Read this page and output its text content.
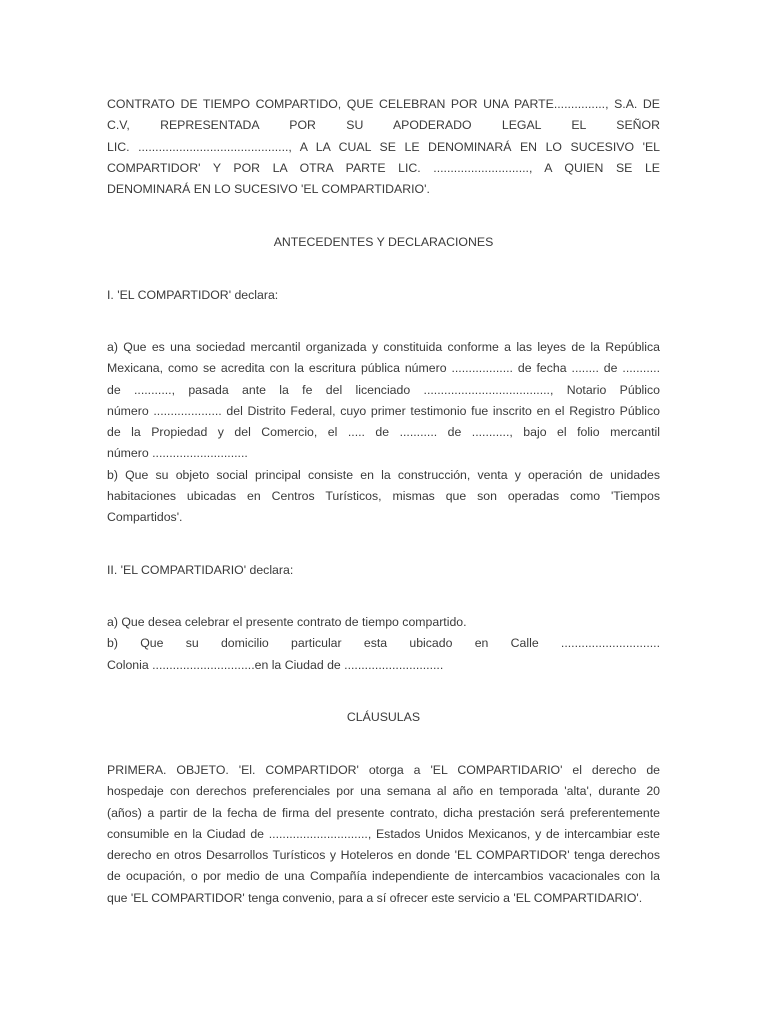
CONTRATO DE TIEMPO COMPARTIDO, QUE CELEBRAN POR UNA PARTE..............., S.A. DE
C.V, REPRESENTADA POR SU APODERADO LEGAL EL SEÑOR
LIC. ............................................, A LA CUAL SE LE DENOMINARÁ EN LO SUCESIVO 'EL
COMPARTIDOR' Y POR LA OTRA PARTE LIC. ............................, A QUIEN SE LE
DENOMINARÁ EN LO SUCESIVO 'EL COMPARTIDARIO'.
ANTECEDENTES Y DECLARACIONES
I. 'EL COMPARTIDOR' declara:
a) Que es una sociedad mercantil organizada y constituida conforme a las leyes de la República
Mexicana, como se acredita con la escritura pública número .................. de fecha ........ de ...........
de ..........., pasada ante la fe del licenciado ....................................., Notario Público
número .................... del Distrito Federal, cuyo primer testimonio fue inscrito en el Registro Público
de la Propiedad y del Comercio, el ..... de ........... de ..........., bajo el folio mercantil
número ............................
b) Que su objeto social principal consiste en la construcción, venta y operación de unidades
habitaciones ubicadas en Centros Turísticos, mismas que son operadas como 'Tiempos
Compartidos'.
II. 'EL COMPARTIDARIO' declara:
a) Que desea celebrar el presente contrato de tiempo compartido.
b) Que su domicilio particular esta ubicado en Calle .............................
Colonia ..............................en la Ciudad de .............................
CLÁUSULAS
PRIMERA. OBJETO. 'El. COMPARTIDOR' otorga a 'EL COMPARTIDARIO' el derecho de
hospedaje con derechos preferenciales por una semana al año en temporada 'alta', durante 20
(años) a partir de la fecha de firma del presente contrato, dicha prestación será preferentemente
consumible en la Ciudad de ............................., Estados Unidos Mexicanos, y de intercambiar este
derecho en otros Desarrollos Turísticos y Hoteleros en donde 'EL COMPARTIDOR' tenga derechos
de ocupación, o por medio de una Compañía independiente de intercambios vacacionales con la
que 'EL COMPARTIDOR' tenga convenio, para a sí ofrecer este servicio a 'EL COMPARTIDARIO'.
